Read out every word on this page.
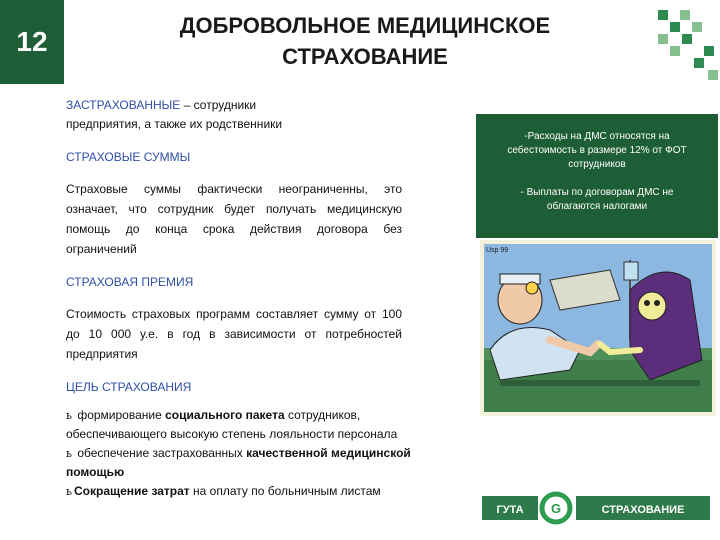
12
ДОБРОВОЛЬНОЕ МЕДИЦИНСКОЕ
СТРАХОВАНИЕ
ЗАСТРАХОВАННЫЕ – сотрудники
предприятия, а также их родственники
СТРАХОВЫЕ СУММЫ
Страховые суммы фактически неограниченны, это означает, что сотрудник будет получать медицинскую помощь до конца срока действия договора без ограничений
СТРАХОВАЯ ПРЕМИЯ
Стоимость страховых программ составляет сумму от 100 до 10 000 у.е. в год в зависимости от потребностей предприятия
ЦЕЛЬ СТРАХОВАНИЯ
ь формирование социального пакета сотрудников,
обеспечивающего высокую степень лояльности персонала
ь обеспечение застрахованных качественной медицинской
помощью
ь Сокращение затрат на оплату по больничным листам

-Расходы на ДМС относятся на себестоимость в размере 12% от ФОТ сотрудников

- Выплаты по договорам ДМС не облагаются налогами

Usp 99
ГУТА G	СТРАХОВАНИЕ
